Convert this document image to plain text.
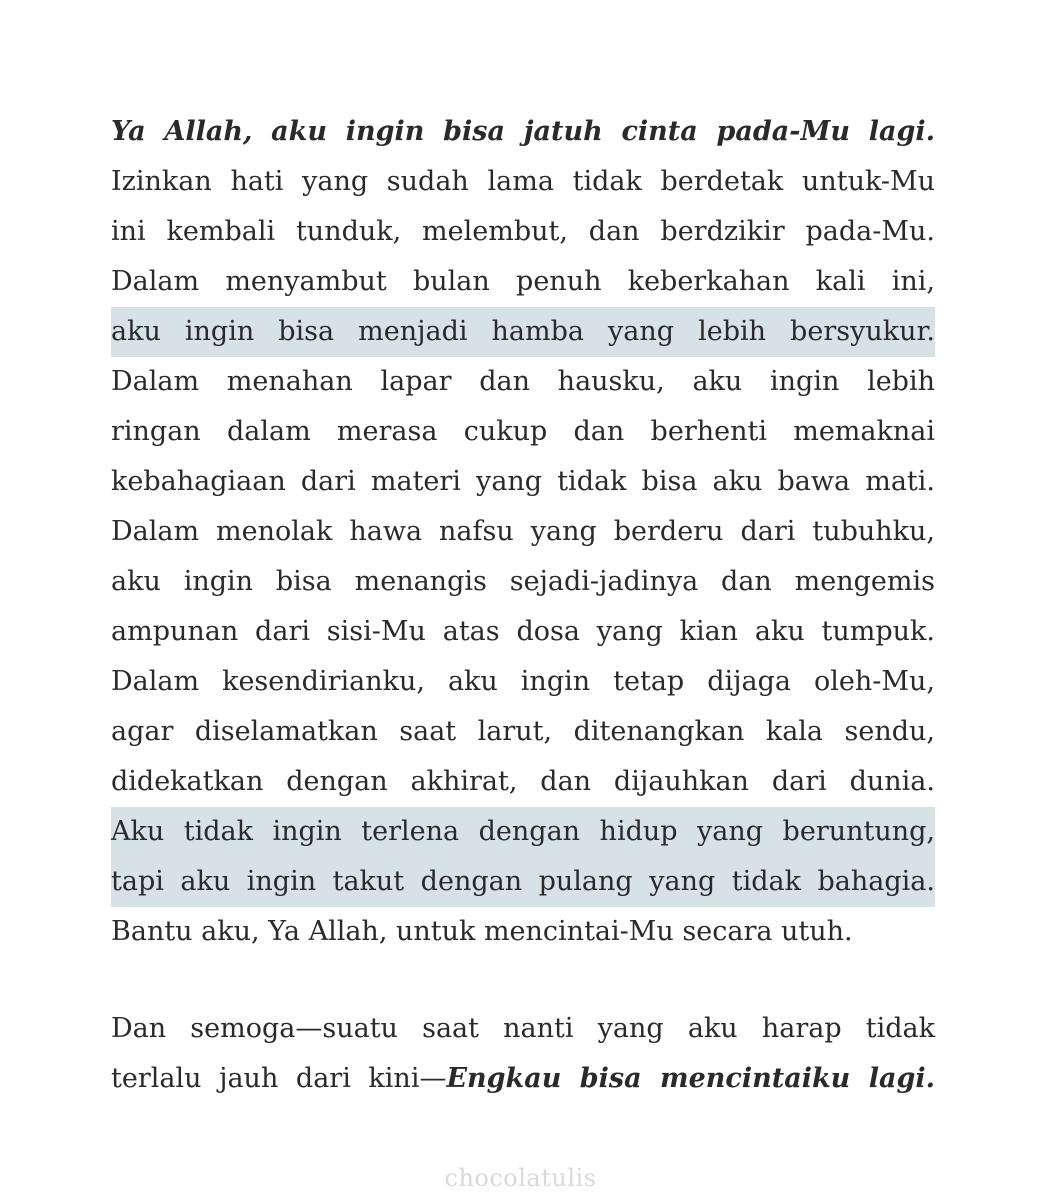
Ya Allah, aku ingin bisa jatuh cinta pada-Mu lagi.
Izinkan hati yang sudah lama tidak berdetak untuk-Mu
ini kembali tunduk, melembut, dan berdzikir pada-Mu.
Dalam menyambut bulan penuh keberkahan kali ini,
aku ingin bisa menjadi hamba yang lebih bersyukur.
Dalam menahan lapar dan hausku, aku ingin lebih
ringan dalam merasa cukup dan berhenti memaknai
kebahagiaan dari materi yang tidak bisa aku bawa mati.
Dalam menolak hawa nafsu yang berderu dari tubuhku,
aku ingin bisa menangis sejadi-jadinya dan mengemis
ampunan dari sisi-Mu atas dosa yang kian aku tumpuk.
Dalam kesendirianku, aku ingin tetap dijaga oleh-Mu,
agar diselamatkan saat larut, ditenangkan kala sendu,
didekatkan dengan akhirat, dan dijauhkan dari dunia.
Aku tidak ingin terlena dengan hidup yang beruntung,
tapi aku ingin takut dengan pulang yang tidak bahagia.
Bantu aku, Ya Allah, untuk mencintai-Mu secara utuh.
Dan semoga—suatu saat nanti yang aku harap tidak
terlalu jauh dari kini—Engkau bisa mencintaiku lagi.
chocolatulis
